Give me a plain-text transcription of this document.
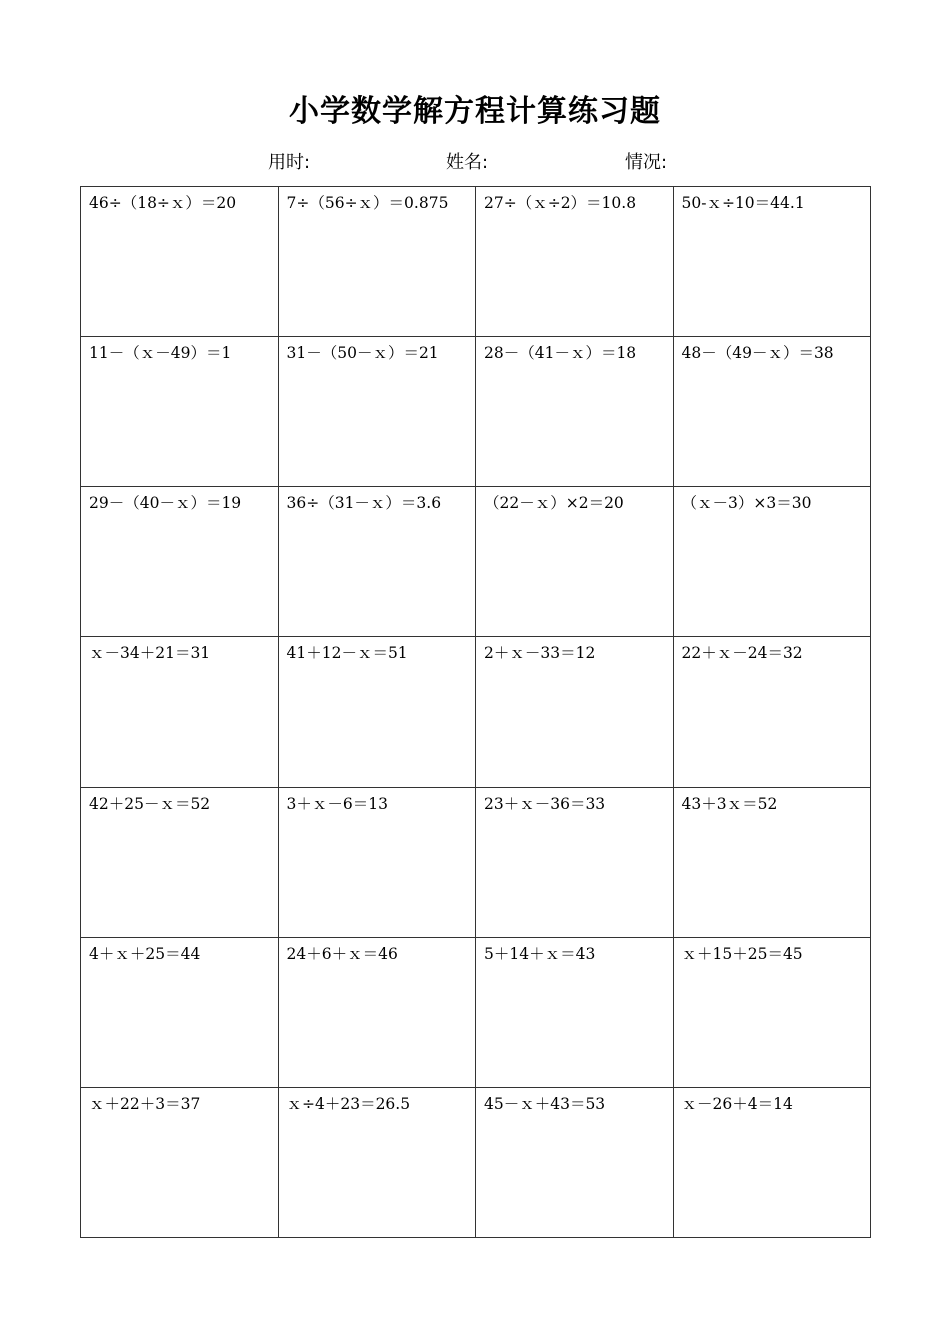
小学数学解方程计算练习题
用时:	姓名:	情况:
46÷（18÷ｘ）＝20	7÷（56÷ｘ）＝0.875	27÷（ｘ÷2）＝10.8	50-ｘ÷10＝44.1

11－（ｘ－49）＝1	31－（50－ｘ）＝21	28－（41－ｘ）＝18	48－（49－ｘ）＝38

29－（40－ｘ）＝19	36÷（31－ｘ）＝3.6	（22－ｘ）×2＝20	（ｘ－3）×3＝30

ｘ－34＋21＝31	41＋12－ｘ＝51	2＋ｘ－33＝12	22＋ｘ－24＝32

42＋25－ｘ＝52	3＋ｘ－6＝13	23＋ｘ－36＝33	43＋3ｘ＝52

4＋ｘ＋25＝44	24＋6＋ｘ＝46	5＋14＋ｘ＝43	ｘ＋15＋25＝45

ｘ＋22＋3＝37	ｘ÷4＋23＝26.5	45－ｘ＋43＝53	ｘ－26＋4＝14
